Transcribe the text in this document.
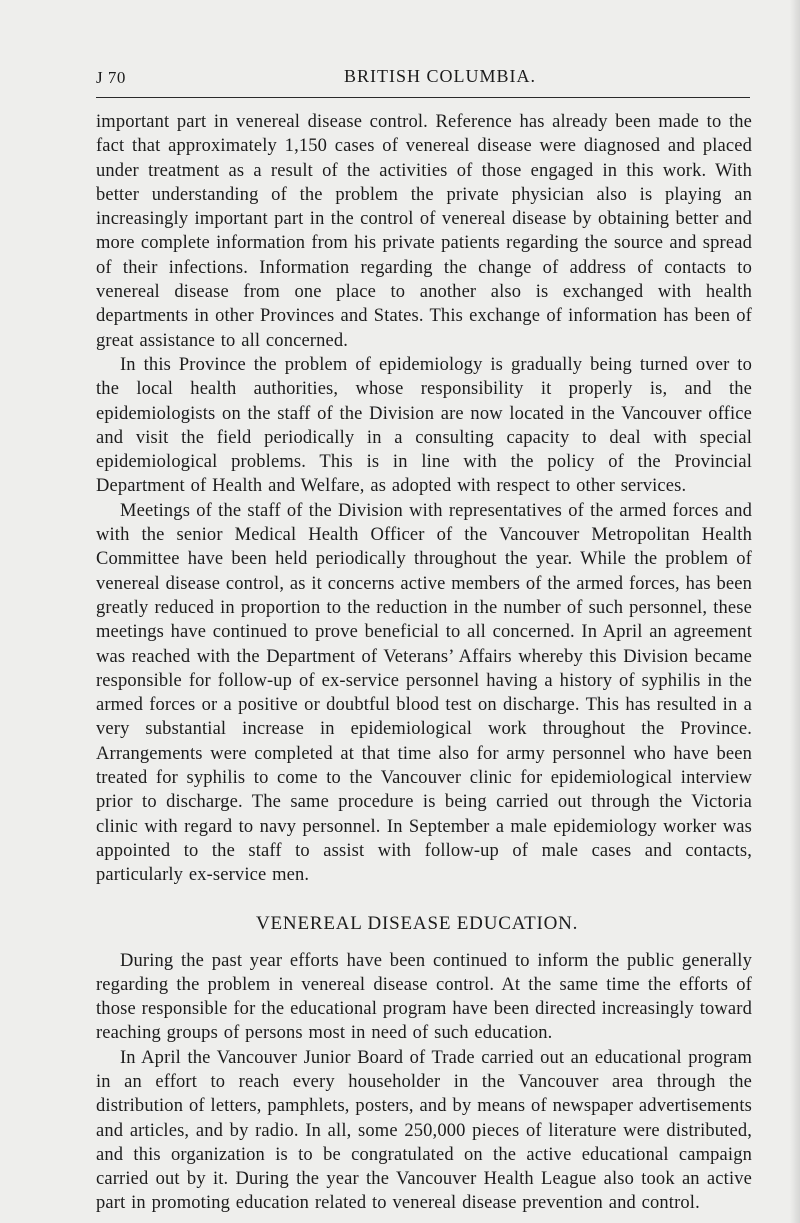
J 70	BRITISH COLUMBIA.

important part in venereal disease control. Reference has already been made to the fact that approximately 1,150 cases of venereal disease were diagnosed and placed under treatment as a result of the activities of those engaged in this work. With better understanding of the problem the private physician also is playing an increasingly important part in the control of venereal disease by obtaining better and more complete information from his private patients regarding the source and spread of their infections. Information regarding the change of address of contacts to venereal disease from one place to another also is exchanged with health departments in other Provinces and States. This exchange of information has been of great assistance to all concerned.

In this Province the problem of epidemiology is gradually being turned over to the local health authorities, whose responsibility it properly is, and the epidemiologists on the staff of the Division are now located in the Vancouver office and visit the field periodically in a consulting capacity to deal with special epidemiological problems. This is in line with the policy of the Provincial Department of Health and Welfare, as adopted with respect to other services.

Meetings of the staff of the Division with representatives of the armed forces and with the senior Medical Health Officer of the Vancouver Metropolitan Health Committee have been held periodically throughout the year. While the problem of venereal disease control, as it concerns active members of the armed forces, has been greatly reduced in proportion to the reduction in the number of such personnel, these meetings have continued to prove beneficial to all concerned. In April an agreement was reached with the Department of Veterans’ Affairs whereby this Division became responsible for follow-up of ex-service personnel having a history of syphilis in the armed forces or a positive or doubtful blood test on discharge. This has resulted in a very substantial increase in epidemiological work throughout the Province. Arrangements were completed at that time also for army personnel who have been treated for syphilis to come to the Vancouver clinic for epidemiological interview prior to discharge. The same procedure is being carried out through the Victoria clinic with regard to navy personnel. In September a male epidemiology worker was appointed to the staff to assist with follow-up of male cases and contacts, particularly ex-service men.

VENEREAL DISEASE EDUCATION.

During the past year efforts have been continued to inform the public generally regarding the problem in venereal disease control. At the same time the efforts of those responsible for the educational program have been directed increasingly toward reaching groups of persons most in need of such education.

In April the Vancouver Junior Board of Trade carried out an educational program in an effort to reach every householder in the Vancouver area through the distribution of letters, pamphlets, posters, and by means of newspaper advertisements and articles, and by radio. In all, some 250,000 pieces of literature were distributed, and this organization is to be congratulated on the active educational campaign carried out by it. During the year the Vancouver Health League also took an active part in promoting education related to venereal disease prevention and control.
